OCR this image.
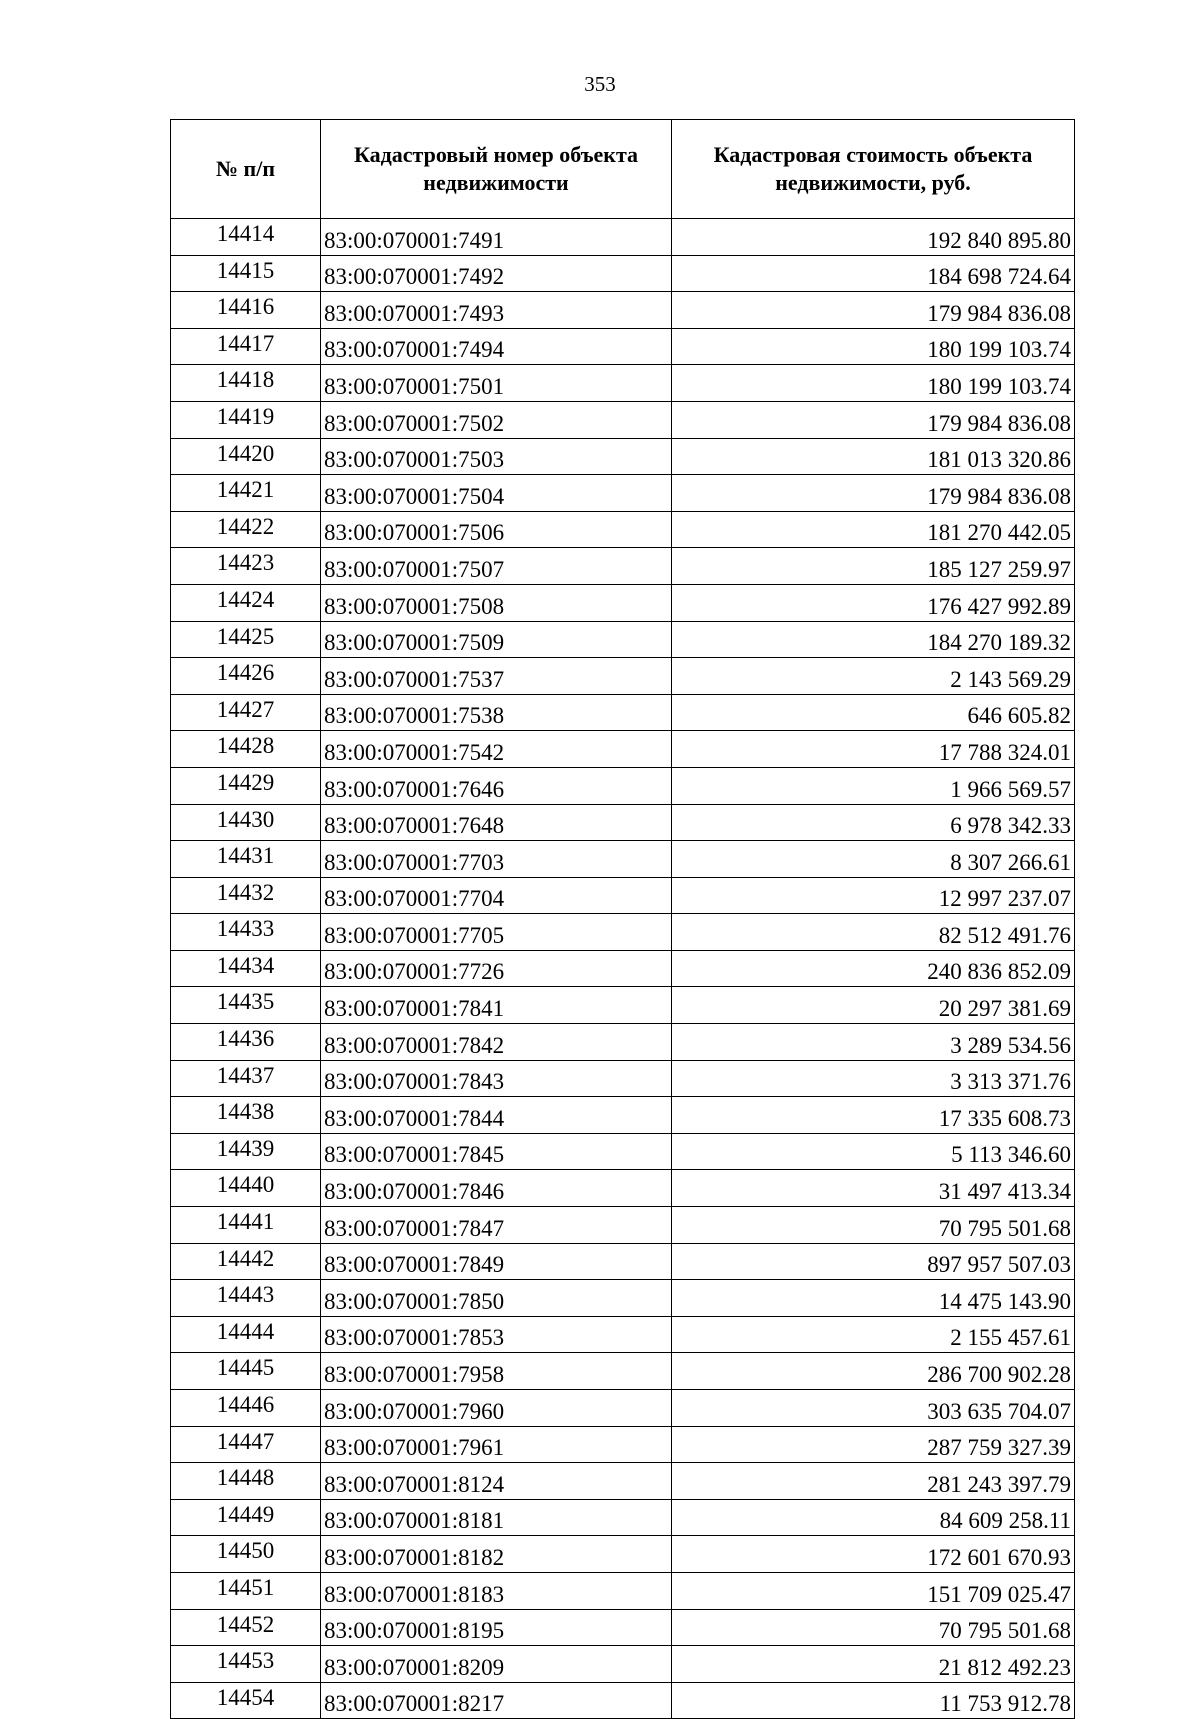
353
№ п/п	Кадастровый номер объекта недвижимости	Кадастровая стоимость объекта недвижимости, руб.
14414	83:00:070001:7491	192 840 895.80
14415	83:00:070001:7492	184 698 724.64
14416	83:00:070001:7493	179 984 836.08
14417	83:00:070001:7494	180 199 103.74
14418	83:00:070001:7501	180 199 103.74
14419	83:00:070001:7502	179 984 836.08
14420	83:00:070001:7503	181 013 320.86
14421	83:00:070001:7504	179 984 836.08
14422	83:00:070001:7506	181 270 442.05
14423	83:00:070001:7507	185 127 259.97
14424	83:00:070001:7508	176 427 992.89
14425	83:00:070001:7509	184 270 189.32
14426	83:00:070001:7537	2 143 569.29
14427	83:00:070001:7538	646 605.82
14428	83:00:070001:7542	17 788 324.01
14429	83:00:070001:7646	1 966 569.57
14430	83:00:070001:7648	6 978 342.33
14431	83:00:070001:7703	8 307 266.61
14432	83:00:070001:7704	12 997 237.07
14433	83:00:070001:7705	82 512 491.76
14434	83:00:070001:7726	240 836 852.09
14435	83:00:070001:7841	20 297 381.69
14436	83:00:070001:7842	3 289 534.56
14437	83:00:070001:7843	3 313 371.76
14438	83:00:070001:7844	17 335 608.73
14439	83:00:070001:7845	5 113 346.60
14440	83:00:070001:7846	31 497 413.34
14441	83:00:070001:7847	70 795 501.68
14442	83:00:070001:7849	897 957 507.03
14443	83:00:070001:7850	14 475 143.90
14444	83:00:070001:7853	2 155 457.61
14445	83:00:070001:7958	286 700 902.28
14446	83:00:070001:7960	303 635 704.07
14447	83:00:070001:7961	287 759 327.39
14448	83:00:070001:8124	281 243 397.79
14449	83:00:070001:8181	84 609 258.11
14450	83:00:070001:8182	172 601 670.93
14451	83:00:070001:8183	151 709 025.47
14452	83:00:070001:8195	70 795 501.68
14453	83:00:070001:8209	21 812 492.23
14454	83:00:070001:8217	11 753 912.78
